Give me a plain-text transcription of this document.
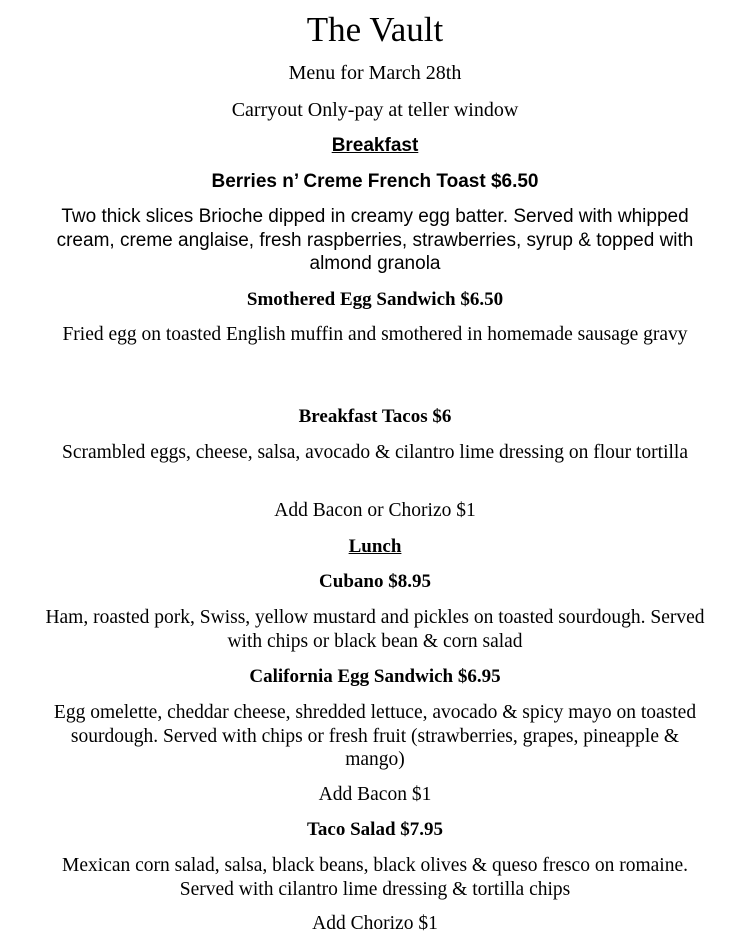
The Vault
Menu for March 28th
Carryout Only-pay at teller window
Breakfast
Berries n’ Creme French Toast $6.50
Two thick slices Brioche dipped in creamy egg batter. Served with whipped cream, creme anglaise, fresh raspberries, strawberries, syrup & topped with almond granola
Smothered Egg Sandwich $6.50
Fried egg on toasted English muffin and smothered in homemade sausage gravy
Breakfast Tacos $6
Scrambled eggs, cheese, salsa, avocado & cilantro lime dressing on flour tortilla
Add Bacon or Chorizo $1
Lunch
Cubano $8.95
Ham, roasted pork, Swiss, yellow mustard and pickles on toasted sourdough. Served with chips or black bean & corn salad
California Egg Sandwich $6.95
Egg omelette, cheddar cheese, shredded lettuce, avocado & spicy mayo on toasted sourdough. Served with chips or fresh fruit (strawberries, grapes, pineapple & mango)
Add Bacon $1
Taco Salad $7.95
Mexican corn salad, salsa, black beans, black olives & queso fresco on romaine. Served with cilantro lime dressing & tortilla chips
Add Chorizo $1
